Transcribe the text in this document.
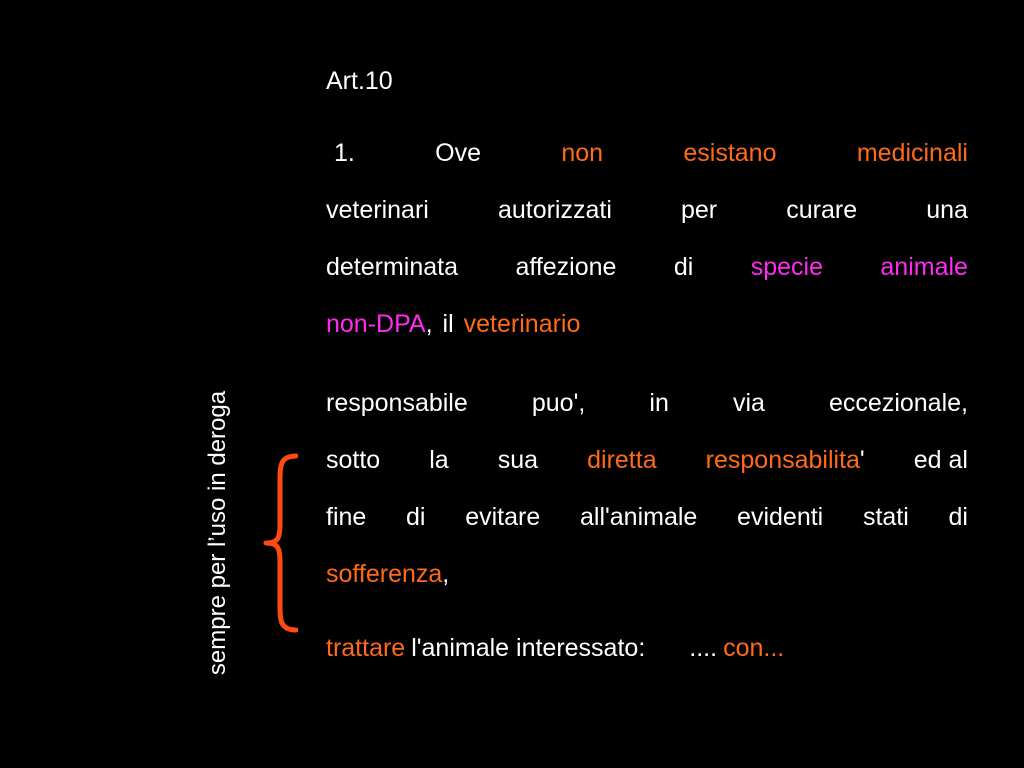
sempre per l’uso in deroga
Art.10
1.	Ove	non	esistano	medicinali
veterinari	autorizzati	per	curare	una
determinata affezione di specie animale
non-DPA , il veterinario
responsabile	puo',	in	via	eccezionale,
sotto la sua diretta responsabilita' ed al
fine di evitare all'animale evidenti stati di
sofferenza ,
trattare l'animale interessato: .... con...
